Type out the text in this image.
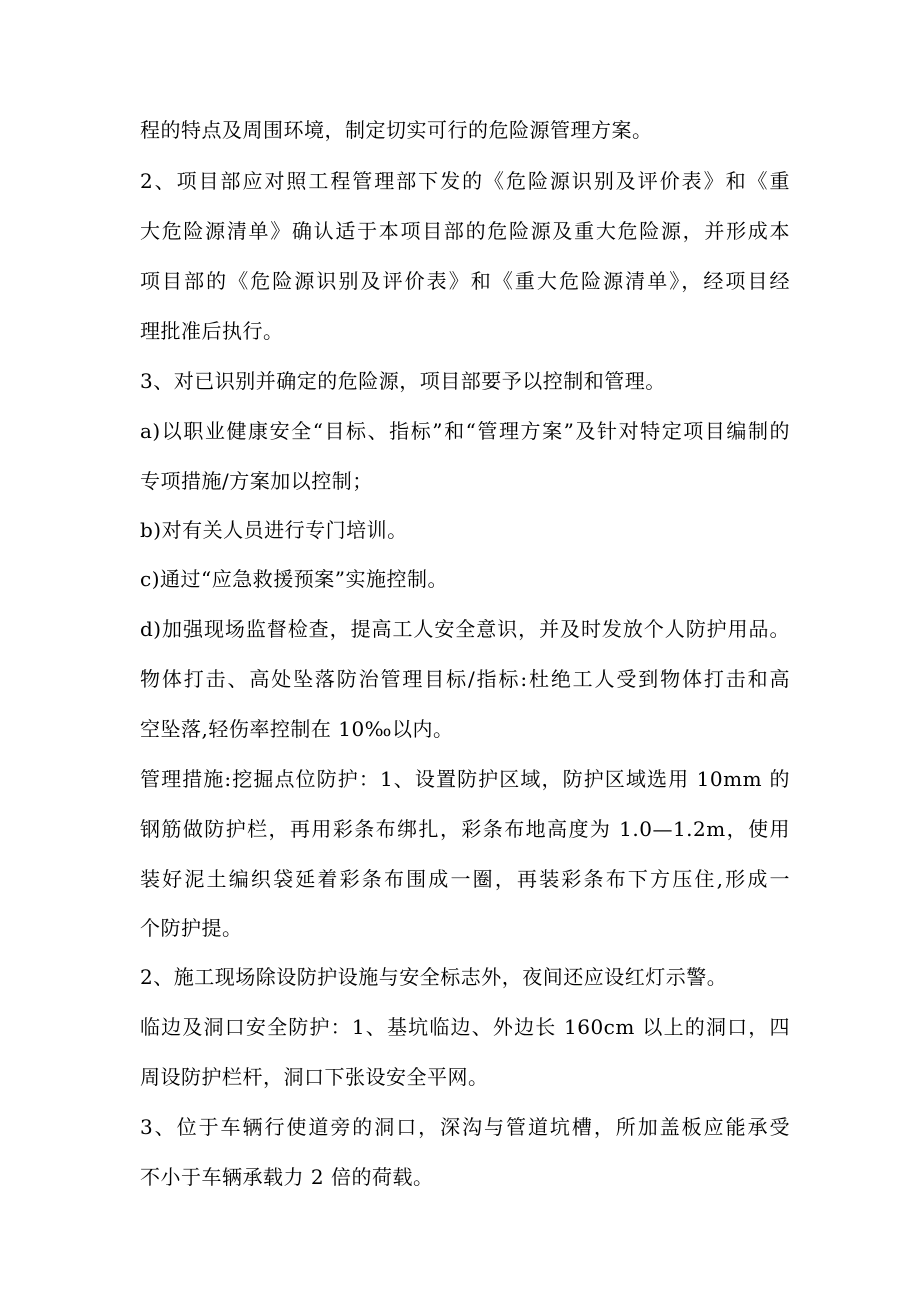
程的特点及周围环境，制定切实可行的危险源管理方案。
2、项目部应对照工程管理部下发的《危险源识别及评价表》和《重
大危险源清单》确认适于本项目部的危险源及重大危险源，并形成本
项目部的《危险源识别及评价表》和《重大危险源清单》，经项目经
理批准后执行。
3、对已识别并确定的危险源，项目部要予以控制和管理。
a)以职业健康安全“目标、指标”和“管理方案”及针对特定项目编制的
专项措施/方案加以控制；
b)对有关人员进行专门培训。
c)通过“应急救援预案”实施控制。
d)加强现场监督检查，提高工人安全意识，并及时发放个人防护用品。
物体打击、高处坠落防治管理目标/指标:杜绝工人受到物体打击和高
空坠落,轻伤率控制在 10‰以内。
管理措施:挖掘点位防护：1、设置防护区域，防护区域选用 10mm 的
钢筋做防护栏，再用彩条布绑扎，彩条布地高度为 1.0—1.2m，使用
装好泥土编织袋延着彩条布围成一圈，再装彩条布下方压住,形成一
个防护提。
2、施工现场除设防护设施与安全标志外，夜间还应设红灯示警。
临边及洞口安全防护：1、基坑临边、外边长 160cm 以上的洞口，四
周设防护栏杆，洞口下张设安全平网。
3、位于车辆行使道旁的洞口，深沟与管道坑槽，所加盖板应能承受
不小于车辆承载力 2 倍的荷载。
